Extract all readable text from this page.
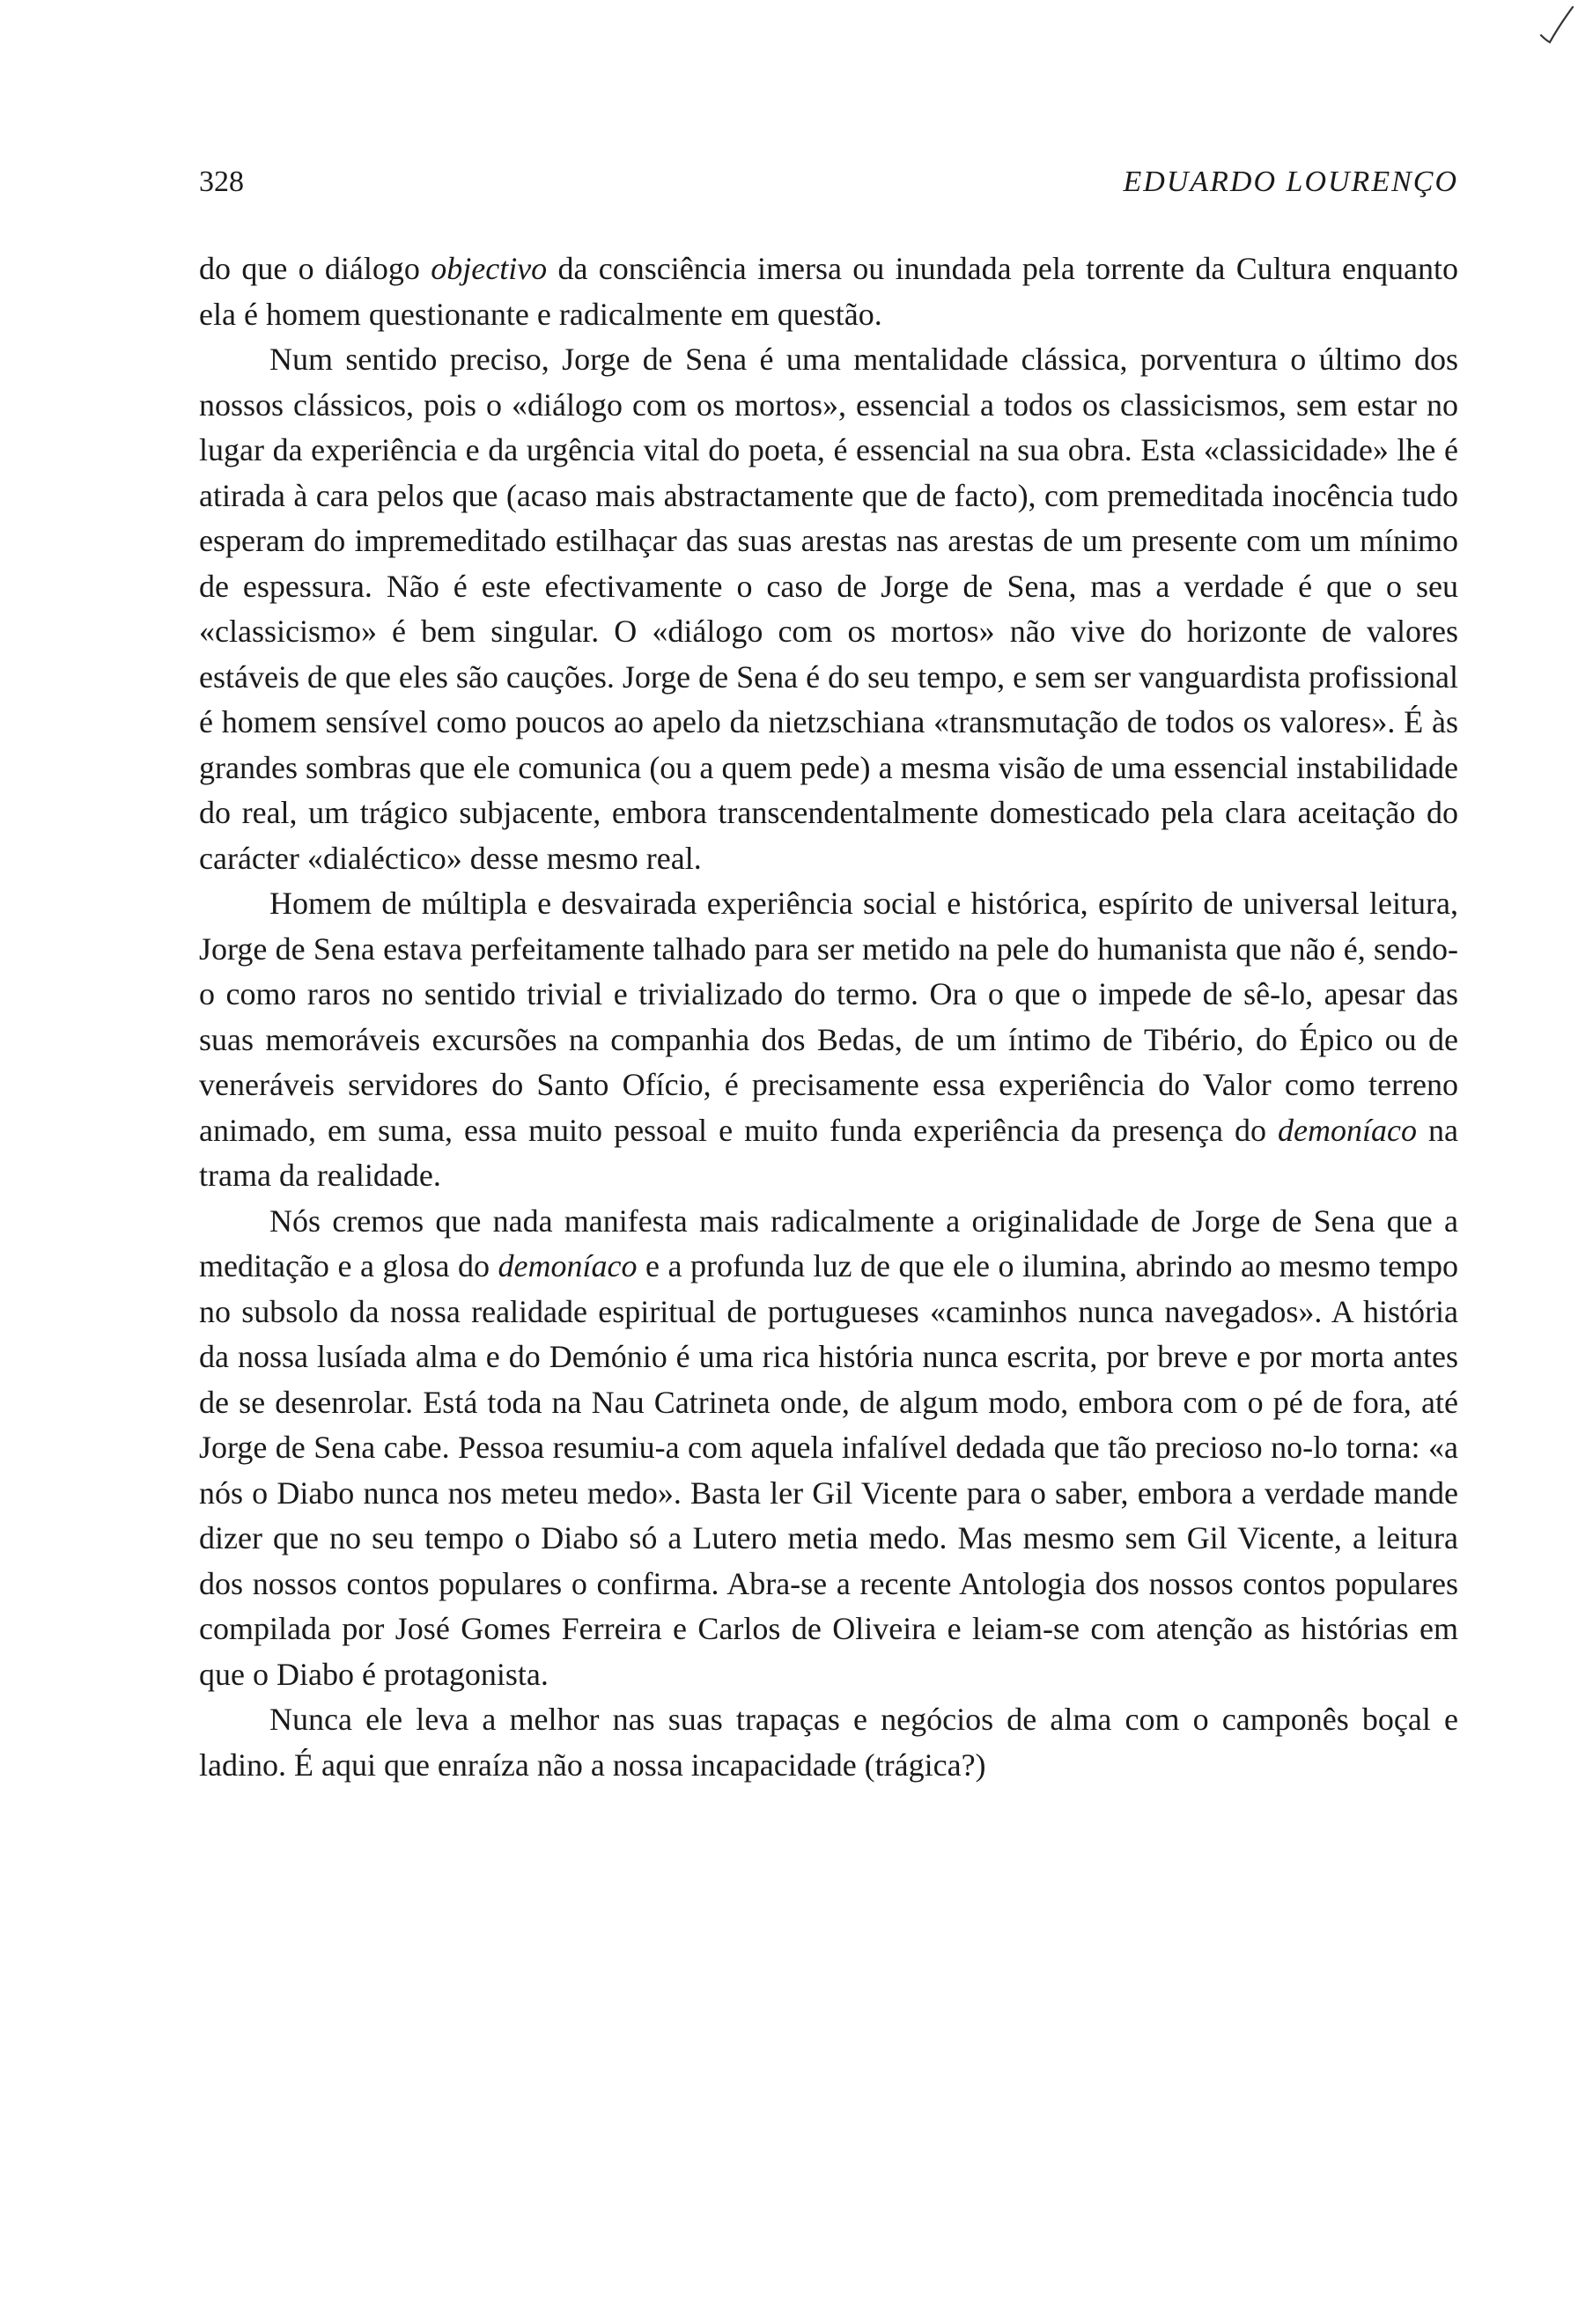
328	EDUARDO LOURENÇO

do que o diálogo objectivo da consciência imersa ou inundada pela torrente da Cultura enquanto ela é homem questionante e radicalmente em questão.

Num sentido preciso, Jorge de Sena é uma mentalidade clássica, porventura o último dos nossos clássicos, pois o «diálogo com os mortos», essencial a todos os classicismos, sem estar no lugar da experiência e da urgência vital do poeta, é essencial na sua obra. Esta «classicidade» lhe é atirada à cara pelos que (acaso mais abstractamente que de facto), com premeditada inocência tudo esperam do impremeditado estilhaçar das suas arestas nas arestas de um presente com um mínimo de espessura. Não é este efectivamente o caso de Jorge de Sena, mas a verdade é que o seu «classicismo» é bem singular. O «diálogo com os mortos» não vive do horizonte de valores estáveis de que eles são cauções. Jorge de Sena é do seu tempo, e sem ser vanguardista profissional é homem sensível como poucos ao apelo da nietzschiana «transmutação de todos os valores». É às grandes sombras que ele comunica (ou a quem pede) a mesma visão de uma essencial instabilidade do real, um trágico subjacente, embora transcendentalmente domesticado pela clara aceitação do carácter «dialéctico» desse mesmo real.

Homem de múltipla e desvairada experiência social e histórica, espírito de universal leitura, Jorge de Sena estava perfeitamente talhado para ser metido na pele do humanista que não é, sendo-o como raros no sentido trivial e trivializado do termo. Ora o que o impede de sê-lo, apesar das suas memoráveis excursões na companhia dos Bedas, de um íntimo de Tibério, do Épico ou de veneráveis servidores do Santo Ofício, é precisamente essa experiência do Valor como terreno animado, em suma, essa muito pessoal e muito funda experiência da presença do demoníaco na trama da realidade.

Nós cremos que nada manifesta mais radicalmente a originalidade de Jorge de Sena que a meditação e a glosa do demoníaco e a profunda luz de que ele o ilumina, abrindo ao mesmo tempo no subsolo da nossa realidade espiritual de portugueses «caminhos nunca navegados». A história da nossa lusíada alma e do Demónio é uma rica história nunca escrita, por breve e por morta antes de se desenrolar. Está toda na Nau Catrineta onde, de algum modo, embora com o pé de fora, até Jorge de Sena cabe. Pessoa resumiu-a com aquela infalível dedada que tão precioso no-lo torna: «a nós o Diabo nunca nos meteu medo». Basta ler Gil Vicente para o saber, embora a verdade mande dizer que no seu tempo o Diabo só a Lutero metia medo. Mas mesmo sem Gil Vicente, a leitura dos nossos contos populares o confirma. Abra-se a recente Antologia dos nossos contos populares compilada por José Gomes Ferreira e Carlos de Oliveira e leiam-se com atenção as histórias em que o Diabo é protagonista.

Nunca ele leva a melhor nas suas trapaças e negócios de alma com o camponês boçal e ladino. É aqui que enraíza não a nossa incapacidade (trágica?)
